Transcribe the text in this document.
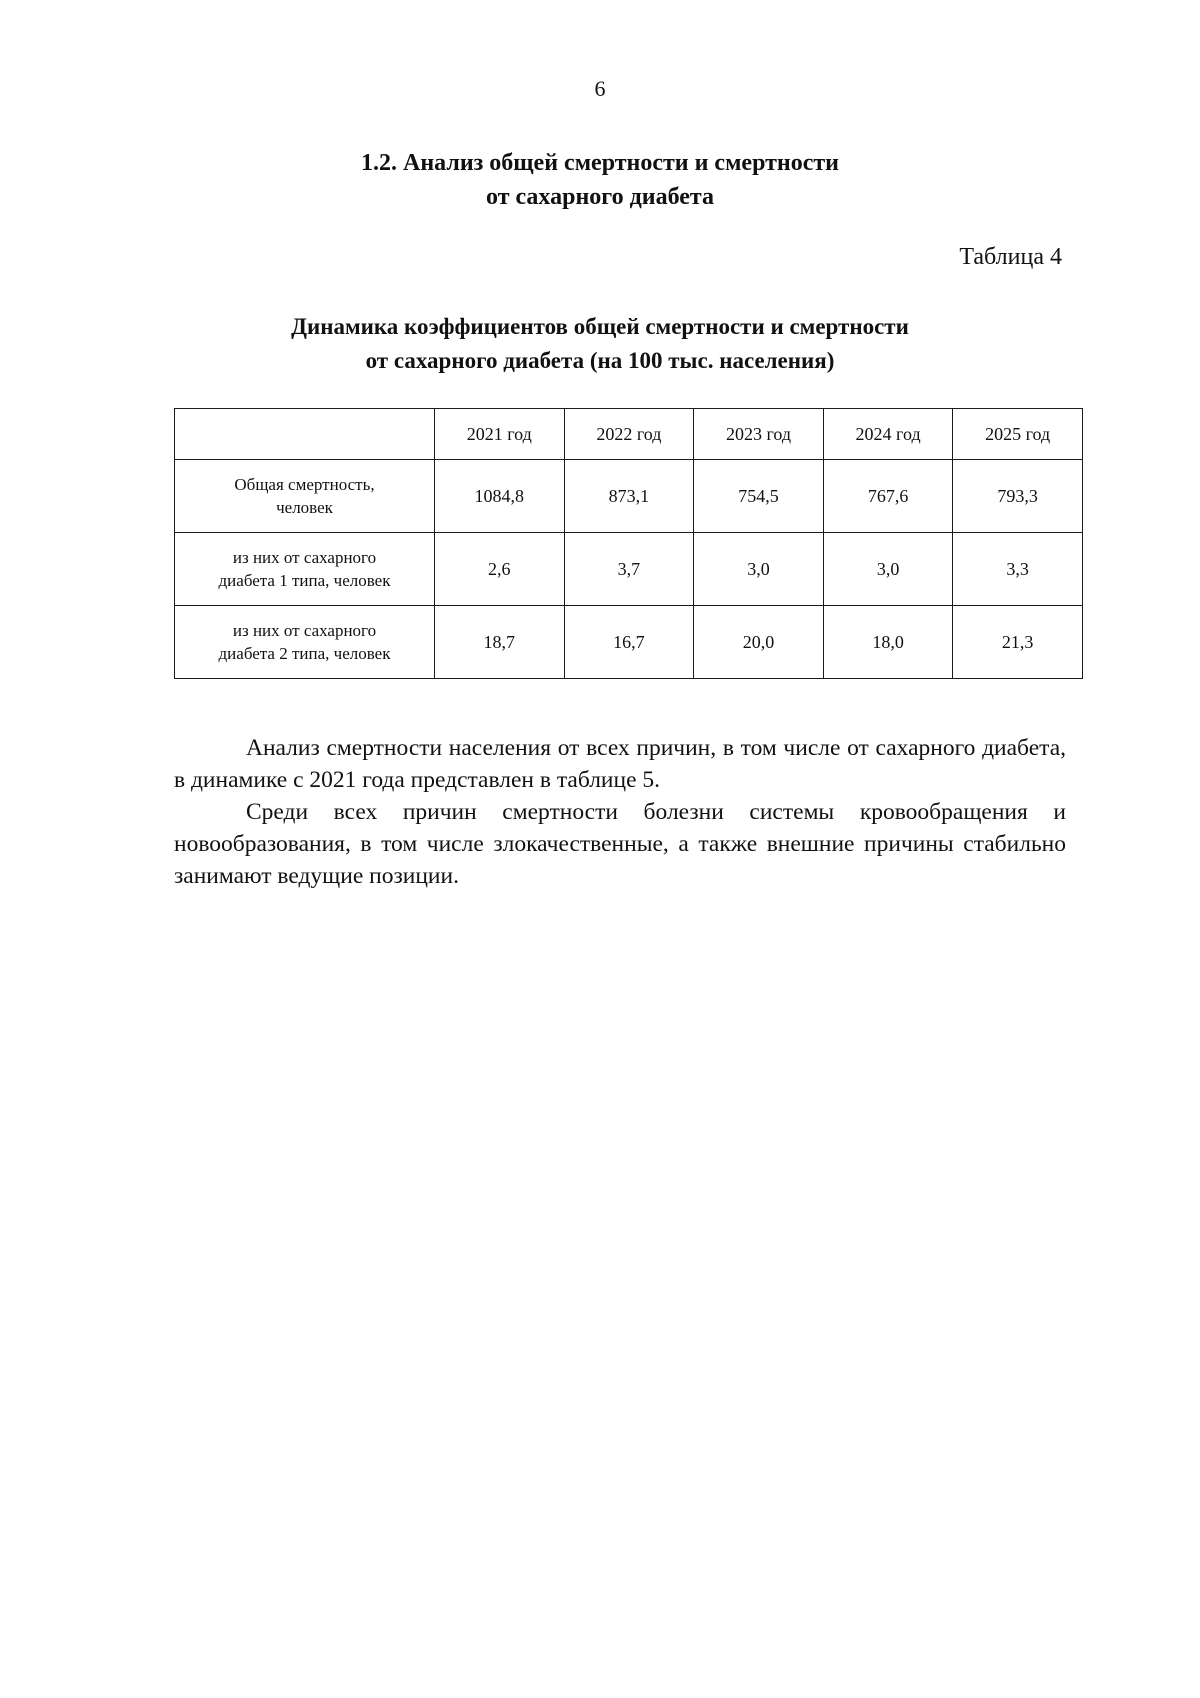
6
1.2. Анализ общей смертности и смертности
от сахарного диабета
Таблица 4
Динамика коэффициентов общей смертности и смертности
от сахарного диабета (на 100 тыс. населения)
	2021 год	2022 год	2023 год	2024 год	2025 год

Общая смертность,
человек	1084,8	873,1	754,5	767,6	793,3

из них от сахарного
диабета 1 типа, человек	2,6	3,7	3,0	3,0	3,3

из них от сахарного
диабета 2 типа, человек	18,7	16,7	20,0	18,0	21,3

Анализ смертности населения от всех причин, в том числе от сахарного диабета, в динамике с 2021 года представлен в таблице 5.

Среди всех причин смертности болезни системы кровообращения и новообразования, в том числе злокачественные, а также внешние причины стабильно занимают ведущие позиции.
